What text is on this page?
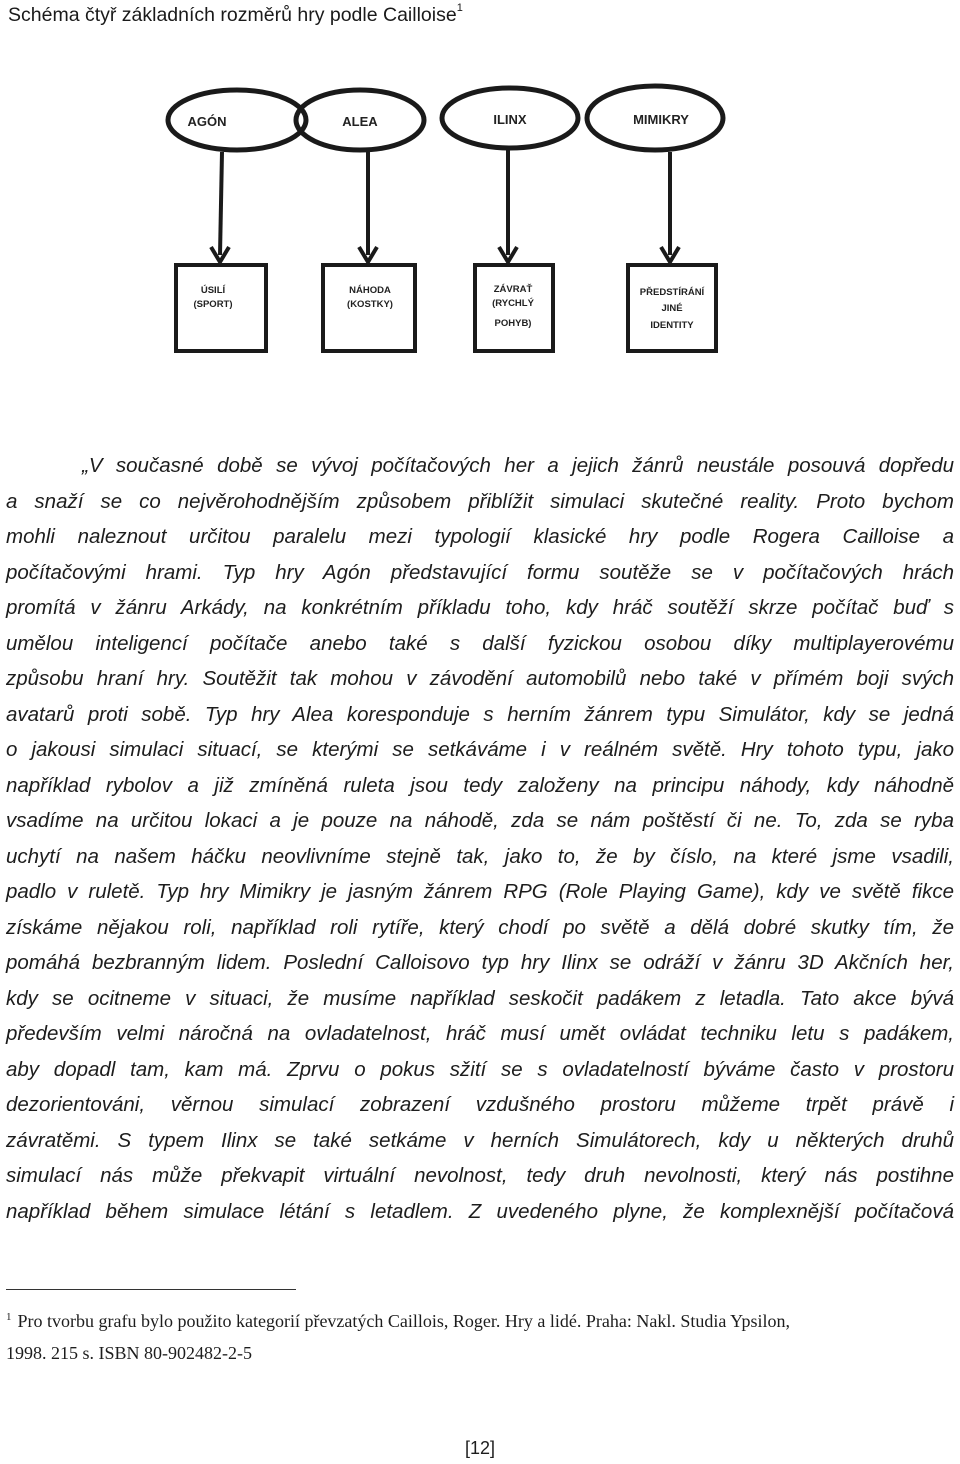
Schéma čtyř základních rozměrů hry podle Cailloise$^1$
AGÓN	ALEA	ILINX	MIMIKRY
ÚSILÍ
(SPORT)
NÁHODA
(KOSTKY)
ZÁVRAŤ
(RYCHLÝ
POHYB)
PŘEDSTÍRÁNÍ
JINÉ
IDENTITY
„V současné době se vývoj počítačových her a jejich žánrů neustále posouvá dopředu
a snaží se co nejvěrohodnějším způsobem přiblížit simulaci skutečné reality. Proto bychom
mohli naleznout určitou paralelu mezi typologií klasické hry podle Rogera Cailloise a
počítačovými hrami. Typ hry Agón představující formu soutěže se v počítačových hrách
promítá v žánru Arkády, na konkrétním příkladu toho, kdy hráč soutěží skrze počítač buď s
umělou inteligencí počítače anebo také s další fyzickou osobou díky multiplayerovému
způsobu hraní hry. Soutěžit tak mohou v závodění automobilů nebo také v přímém boji svých
avatarů proti sobě. Typ hry Alea koresponduje s herním žánrem typu Simulátor, kdy se jedná
o jakousi simulaci situací, se kterými se setkáváme i v reálném světě. Hry tohoto typu, jako
například rybolov a již zmíněná ruleta jsou tedy založeny na principu náhody, kdy náhodně
vsadíme na určitou lokaci a je pouze na náhodě, zda se nám poštěstí či ne. To, zda se ryba
uchytí na našem háčku neovlivníme stejně tak, jako to, že by číslo, na které jsme vsadili,
padlo v ruletě. Typ hry Mimikry je jasným žánrem RPG (Role Playing Game), kdy ve světě fikce
získáme nějakou roli, například roli rytíře, který chodí po světě a dělá dobré skutky tím, že
pomáhá bezbranným lidem. Poslední Calloisovo typ hry Ilinx se odráží v žánru 3D Akčních her,
kdy se ocitneme v situaci, že musíme například seskočit padákem z letadla. Tato akce bývá
především velmi náročná na ovladatelnost, hráč musí umět ovládat techniku letu s padákem,
aby dopadl tam, kam má. Zprvu o pokus sžití se s ovladatelností býváme často v prostoru
dezorientováni, věrnou simulací zobrazení vzdušného prostoru můžeme trpět právě i
závratěmi. S typem Ilinx se také setkáme v herních Simulátorech, kdy u některých druhů
simulací nás může překvapit virtuální nevolnost, tedy druh nevolnosti, který nás postihne
například během simulace létání s letadlem. Z uvedeného plyne, že komplexnější počítačová
$^1$ Pro tvorbu grafu bylo použito kategorií převzatých Caillois, Roger. Hry a lidé. Praha: Nakl. Studia Ypsilon,
1998. 215 s. ISBN 80-902482-2-5
[12]
